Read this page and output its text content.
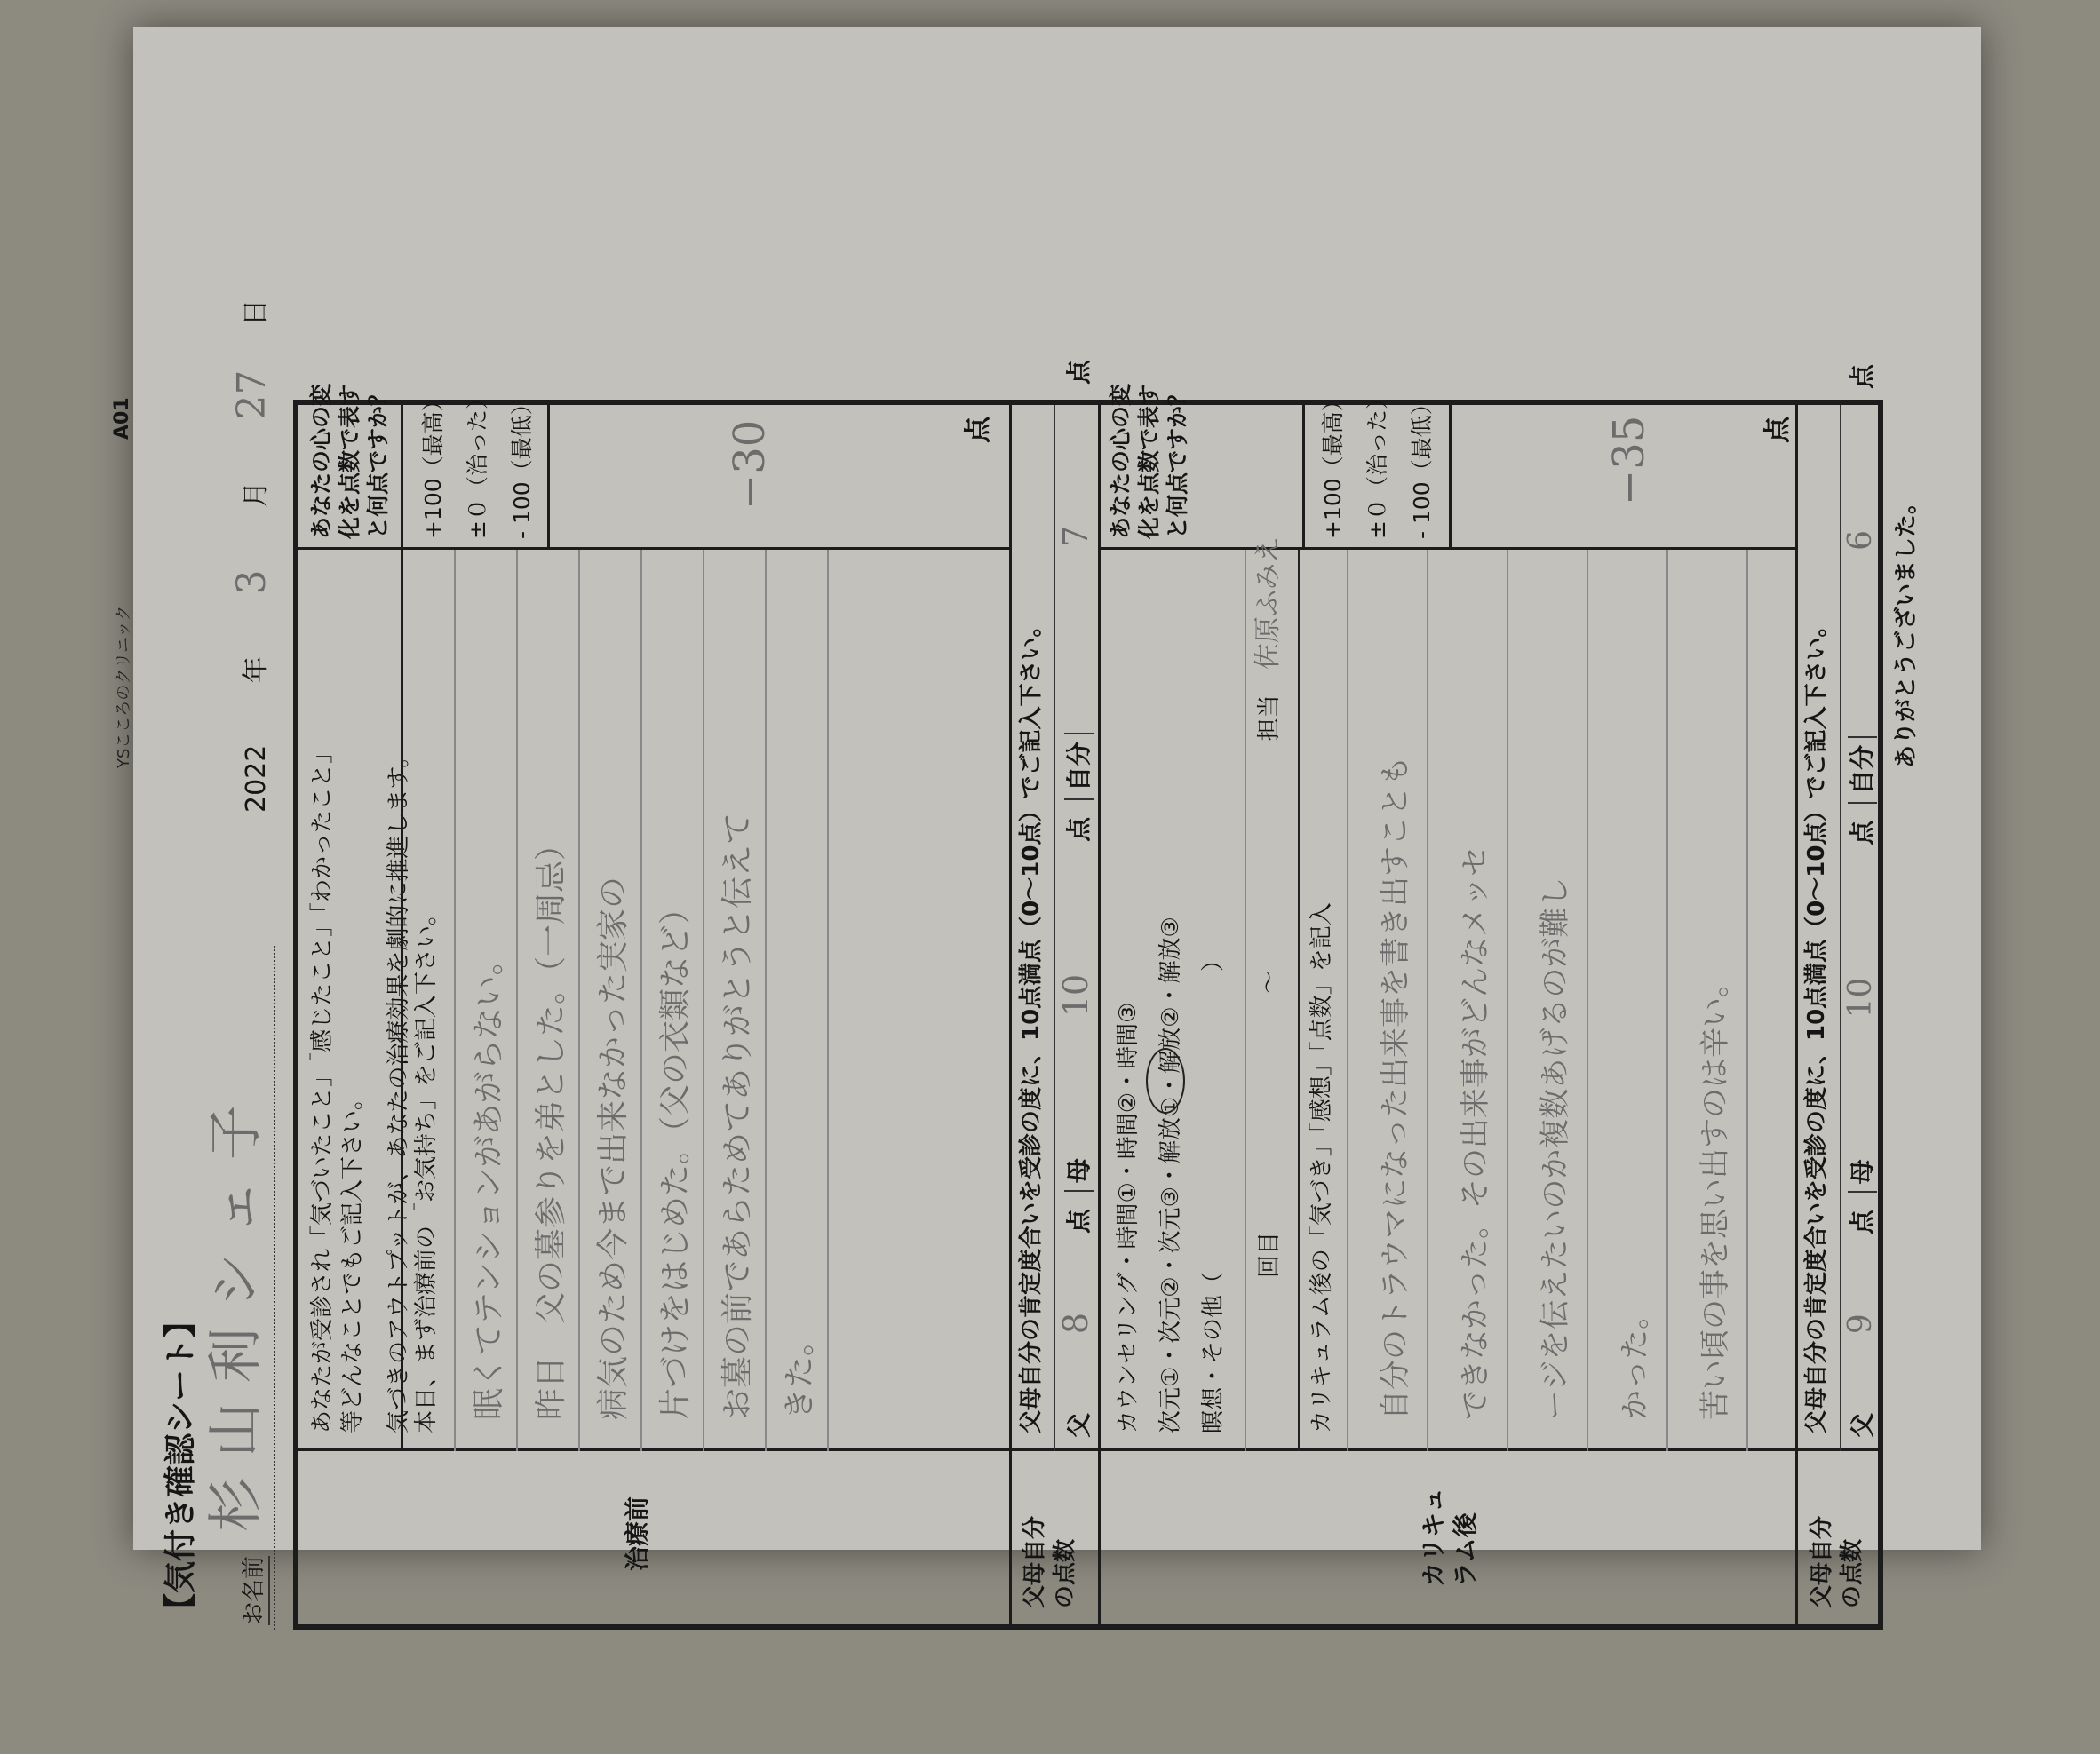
YSこころのクリニック
A01
【気付き確認シート】 お名前
杉山利シェ子
2022 年 3 月 27 日
治療前
あなたが受診され「気づいたこと」「感じたこと」「わかったこと」 等どんなことでもご記入下さい。 気づきのアウトプットが、あなたの治療効果を劇的に推進します。 本日、まず治療前の「お気持ち」をご記入下さい。 眠くてテンションがあがらない。 昨日　父の墓参りを弟とした。（一周忌） 病気のため今まで出来なかった実家の 片づけをはじめた。（父の衣類など） お墓の前であらためてありがとうと伝えて きた。
あなたの心の変 化を点数で表す と何点ですか？	+100（最高） ±０（治った） - 100（最低）	−30	点
父母自分 の点数
父母自分の肯定度合いを受診の度に、10点満点（0〜10点）でご記入下さい。 父 8 点 母 10 点 自分 7 点
カリキュ ラム後
カウンセリング・時間①・時間②・時間③ 次元①・次元②・次元③・解放①・解放②・解放③ 瞑想・その他（　　　　　　　　　　　　　）	回目 〜 担当 佐原ふみえ
カリキュラム後の「気づき」「感想」「点数」を記入	自分のトラウマになった出来事を書き出すことも	できなかった。その出来事がどんなメッセ	ージを伝えたいのか複数あげるのが難し	かった。	苦い頃の事を思い出すのは辛い。
あなたの心の変 化を点数で表す と何点ですか？	+100（最高） ±０（治った） - 100（最低）	−35	点
父母自分 の点数
父母自分の肯定度合いを受診の度に、10点満点（0〜10点）でご記入下さい。 父 9 点 母 10 点 自分 6 点
ありがとうございました。
